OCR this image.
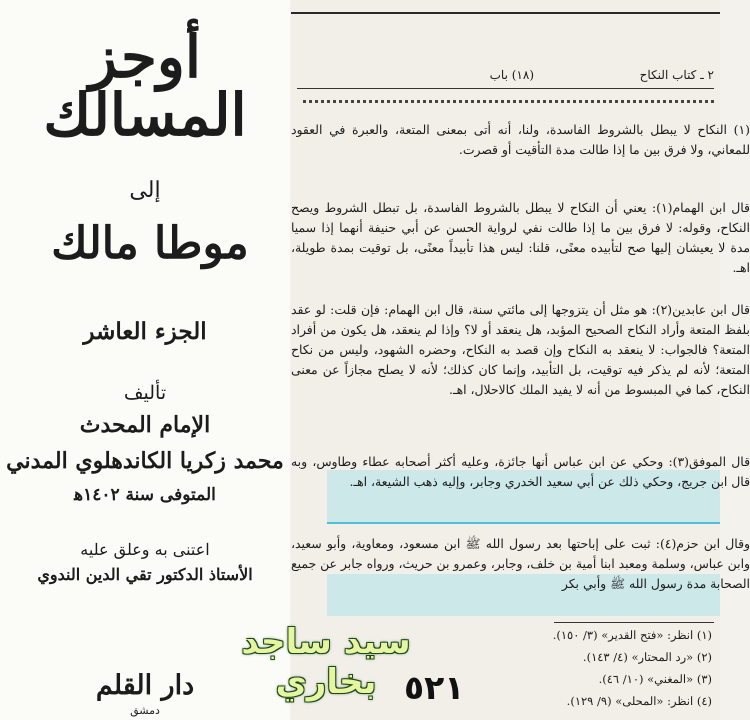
أوجز المسالك
إلى
موطا مالك
الجزء العاشر
تأليف
الإمام المحدث
محمد زكريا الكاندهلوي المدني
المتوفى سنة ١٤٠٢ﻫ
اعتنى به وعلق عليه
الأستاذ الدكتور تقي الدين الندوي
دار القلم
دمشق
٢ ـ كتاب النكاح
(١٨) باب
(١) النكاح لا يبطل بالشروط الفاسدة، ولنا، أنه أتى بمعنى المتعة، والعبرة في العقود للمعاني، ولا فرق بين ما إذا طالت مدة التأقيت أو قصرت.
قال ابن الهمام(١): يعني أن النكاح لا يبطل بالشروط الفاسدة، بل تبطل الشروط ويصح النكاح، وقوله: لا فرق بين ما إذا طالت نفي لرواية الحسن عن أبي حنيفة أنهما إذا سميا مدة لا يعيشان إليها صح لتأبيده معنًى، قلنا: ليس هذا تأبيداً معنًى، بل توقيت بمدة طويلة، اهـ.
قال ابن عابدين(٢): هو مثل أن يتزوجها إلى مائتي سنة، قال ابن الهمام: فإن قلت: لو عقد بلفظ المتعة وأراد النكاح الصحيح المؤبد، هل ينعقد أو لا؟ وإذا لم ينعقد، هل يكون من أفراد المتعة؟ فالجواب: لا ينعقد به النكاح وإن قصد به النكاح، وحضره الشهود، وليس من نكاح المتعة؛ لأنه لم يذكر فيه توقيت، بل التأبيد، وإنما كان كذلك؛ لأنه لا يصلح مجازاً عن معنى النكاح، كما في المبسوط من أنه لا يفيد الملك كالاحلال، اهـ.
قال الموفق(٣): وحكي عن ابن عباس أنها جائزة، وعليه أكثر أصحابه عطاء وطاوس، وبه قال ابن جريج، وحكي ذلك عن أبي سعيد الخدري وجابر، وإليه ذهب الشيعة، اهـ.
وقال ابن حزم(٤): ثبت على إباحتها بعد رسول الله ﷺ ابن مسعود، ومعاوية، وأبو سعيد، وابن عباس، وسلمة ومعبد ابنا أمية بن خلف، وجابر، وعمرو بن حريث، ورواه جابر عن جميع الصحابة مدة رسول الله ﷺ وأبي بكر
(١) انظر: «فتح القدير» (٣/ ١٥٠).
(٢) «رد المحتار» (٤/ ١٤٣).
(٣) «المغني» (١٠/ ٤٦).
(٤) انظر: «المحلى» (٩/ ١٢٩).
سيد ساجد بخاري ٥٢١
